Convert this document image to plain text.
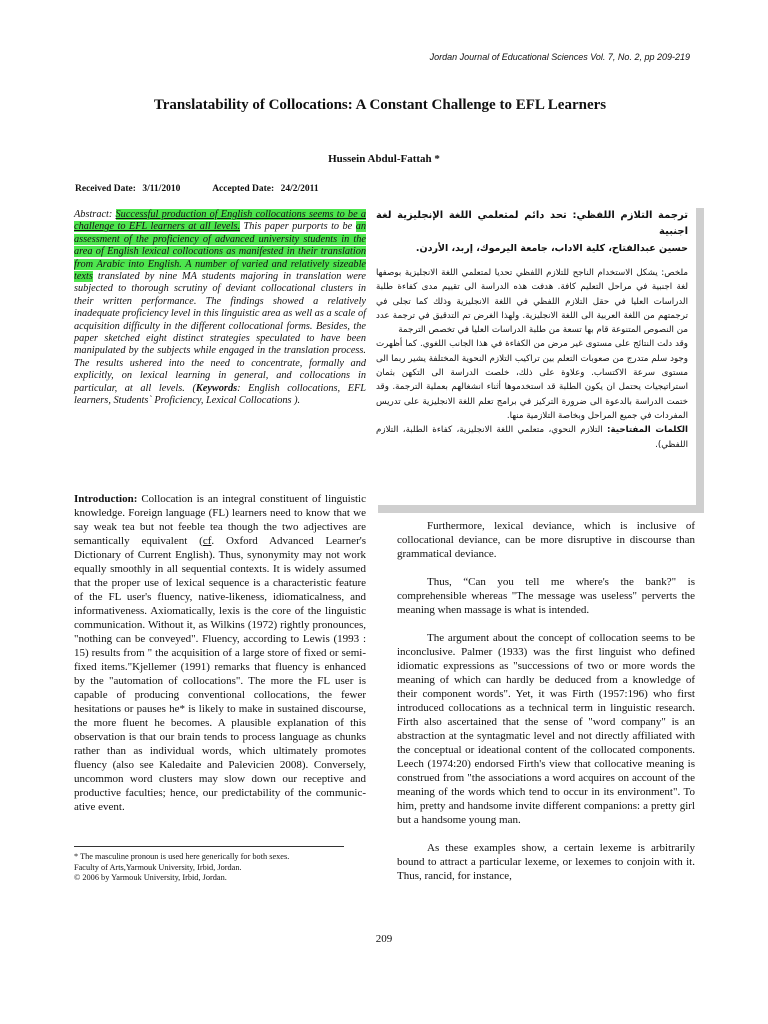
Jordan Journal of Educational Sciences Vol. 7, No. 2, pp 209-219
Translatability of Collocations: A Constant Challenge to EFL Learners
Hussein Abdul-Fattah *
Received Date: 3/11/2010	Accepted Date: 24/2/2011
Abstract: Successful production of English collocations seems to be a challenge to EFL learners at all levels. This paper purports to be an assessment of the proficiency of advanced university students in the area of English lexical collocations as manifested in their translation from Arabic into English. A number of varied and relatively sizeable texts translated by nine MA students majoring in translation were subjected to thorough scrutiny of deviant collocational clusters in their written performance. The findings showed a relatively inadequate proficiency level in this linguistic area as well as a scale of acquisition difficulty in the different collocational forms. Besides, the paper sketched eight distinct strategies speculated to have been manipulated by the subjects while engaged in the translation process. The results ushered into the need to concentrate, formally and explicitly, on lexical learning in general, and collocations in particular, at all levels. (Keywords: English collocations, EFL learners, Students` Proficiency, Lexical Collocations ).
ترجمة التلازم اللفظي: تحد دائم لمتعلمي اللغة الإنجليزية لغة اجنبية
حسين عبدالفتاح، كلية الاداب، جامعة اليرموك، إربد، الأردن.
ملخص: يشكل الاستخدام الناجح للتلازم اللفظي تحديا لمتعلمي اللغة الانجليزية بوصفها لغة اجنبية في مراحل التعليم كافة. هدفت هذه الدراسة الى تقييم مدى كفاءة طلبة الدراسات العليا في حقل التلازم اللفظي في اللغة الانجليزية وذلك كما تجلى في ترجمتهم من اللغة العربية الى اللغة الانجليزية. ولهذا الغرض تم التدقيق في ترجمة عدد من النصوص المتنوعة قام بها تسعة من طلبة الدراسات العليا في تخصص الترجمة
وقد دلت النتائج على مستوى غير مرض من الكفاءة في هذا الجانب اللغوي. كما أظهرت وجود سلم متدرج من صعوبات التعلم بين تراكيب التلازم النحوية المختلفة يشير ربما الى مستوى سرعة الاكتساب. وعلاوة على ذلك، خلصت الدراسة الى التكهن بثمان استراتيجيات يحتمل ان يكون الطلبة قد استخدموها أثناء انشغالهم بعملية الترجمة. وقد ختمت الدراسة بالدعوة الى ضرورة التركيز في برامج تعلم اللغة الانجليزية على تدريس المفردات في جميع المراحل وبخاصة التلازمية منها.
الكلمات المفتاحية: التلازم النحوي، متعلمي اللغة الانجليزية، كفاءة الطلبة، التلازم اللفظي).
Introduction: Collocation is an integral constituent of linguistic knowledge. Foreign language (FL) learners need to know that we say weak tea but not feeble tea though the two adjectives are semantically equivalent (cf. Oxford Advanced Learner's Dictionary of Current English). Thus, synonymity may not work equally smoothly in all sequential contexts. It is widely assumed that the proper use of lexical sequence is a characteristic feature of the FL user's fluency, native-likeness, idiomaticalness, and informativeness. Axiomatically, lexis is the core of the linguistic communication. Without it, as Wilkins (1972) rightly pronounces, "nothing can be conveyed". Fluency, according to Lewis (1993 : 15) results from " the acquisition of a large store of fixed or semi-fixed items."Kjellemer (1991) remarks that fluency is enhanced by the "automation of collocations". The more the FL user is capable of producing conventional collocations, the fewer hesitations or pauses he* is likely to make in sustained discourse, the more fluent he becomes. A plausible explanation of this observation is that our brain tends to process language as chunks rather than as individual words, which ultimately promotes fluency (also see Kaledaite and Palevicien 2008). Conversely, uncommon word clusters may slow down our receptive and productive faculties; hence, our predictability of the communic-ative event.
* The masculine pronoun is used here generically for both sexes.
Faculty of Arts,Yarmouk University, Irbid, Jordan.
© 2006 by Yarmouk University, Irbid, Jordan.

Furthermore, lexical deviance, which is inclusive of collocational deviance, can be more disruptive in discourse than grammatical deviance.

Thus, “Can you tell me where's the bank?" is comprehensible whereas "The message was useless" perverts the meaning when massage is what is intended.

The argument about the concept of collocation seems to be inconclusive. Palmer (1933) was the first linguist who defined idiomatic expressions as "successions of two or more words the meaning of which can hardly be deduced from a knowledge of their component words". Yet, it was Firth (1957:196) who first introduced collocations as a technical term in linguistic research. Firth also ascertained that the sense of "word company" is an abstraction at the syntagmatic level and not directly affiliated with the conceptual or ideational content of the collocated components. Leech (1974:20) endorsed Firth's view that collocative meaning is construed from "the associations a word acquires on account of the meaning of the words which tend to occur in its environment". To him, pretty and handsome invite different companions: a pretty girl but a handsome young man.

As these examples show, a certain lexeme is arbitrarily bound to attract a particular lexeme, or lexemes to conjoin with it. Thus, rancid, for instance,

209
